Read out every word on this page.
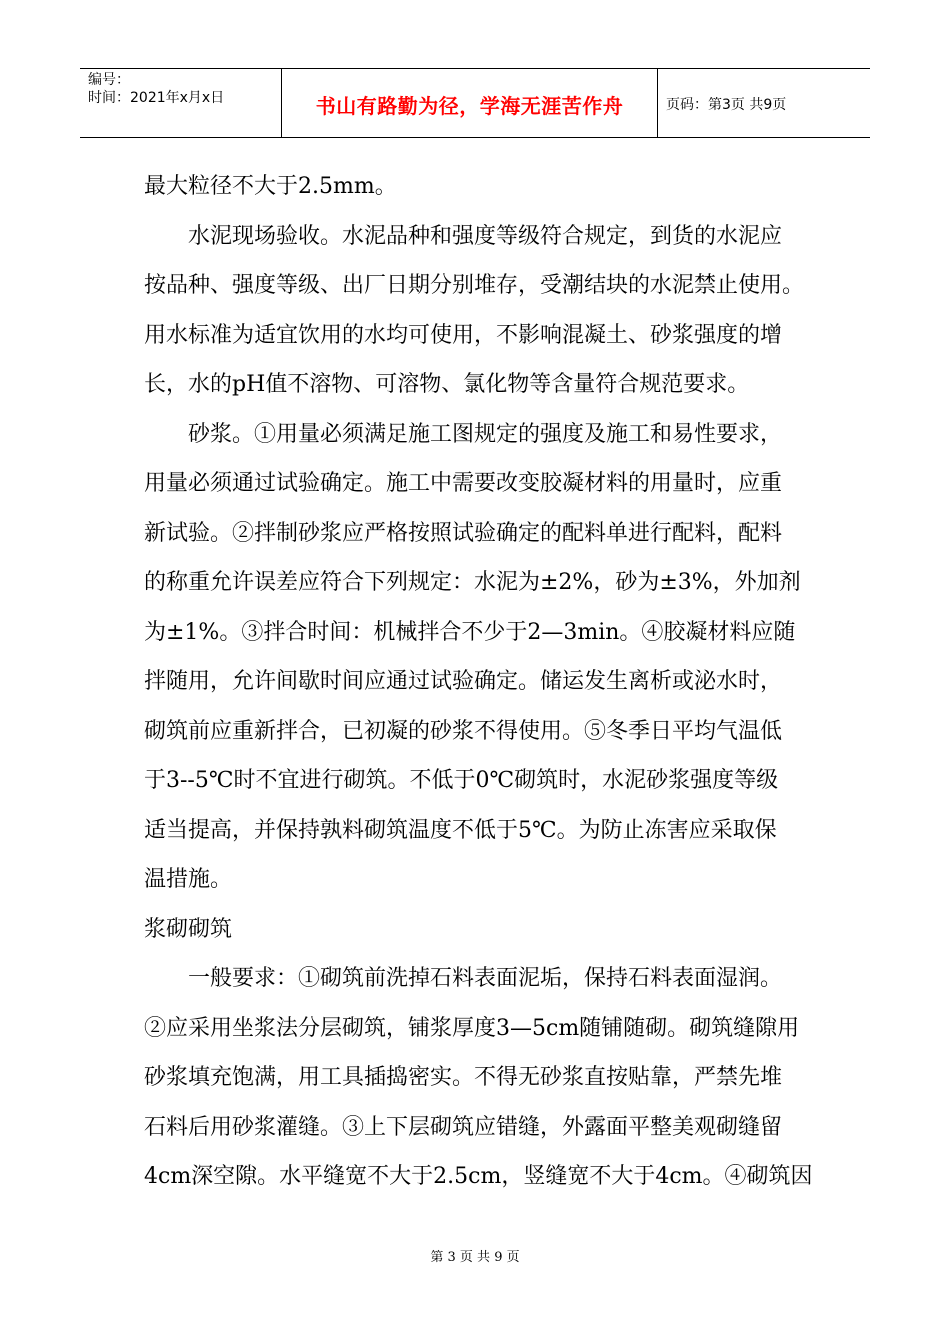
编号：
时间：2021年x月x日	书山有路勤为径，学海无涯苦作舟	页码：第3页 共9页
最大粒径不大于2.5mm。
　　水泥现场验收。水泥品种和强度等级符合规定，到货的水泥应
按品种、强度等级、出厂日期分别堆存，受潮结块的水泥禁止使用。
用水标准为适宜饮用的水均可使用，不影响混凝土、砂浆强度的增
长，水的pH值不溶物、可溶物、氯化物等含量符合规范要求。
　　砂浆。①用量必须满足施工图规定的强度及施工和易性要求，
用量必须通过试验确定。施工中需要改变胶凝材料的用量时，应重
新试验。②拌制砂浆应严格按照试验确定的配料单进行配料，配料
的称重允许误差应符合下列规定：水泥为±2%，砂为±3%，外加剂
为±1%。③拌合时间：机械拌合不少于2—3min。④胶凝材料应随
拌随用，允许间歇时间应通过试验确定。储运发生离析或泌水时，
砌筑前应重新拌合，已初凝的砂浆不得使用。⑤冬季日平均气温低
于3--5℃时不宜进行砌筑。不低于0℃砌筑时，水泥砂浆强度等级
适当提高，并保持孰料砌筑温度不低于5℃。为防止冻害应采取保
温措施。
浆砌砌筑
　　一般要求：①砌筑前洗掉石料表面泥垢，保持石料表面湿润。
②应采用坐浆法分层砌筑，铺浆厚度3—5cm随铺随砌。砌筑缝隙用
砂浆填充饱满，用工具插捣密实。不得无砂浆直按贴靠，严禁先堆
石料后用砂浆灌缝。③上下层砌筑应错缝，外露面平整美观砌缝留
4cm深空隙。水平缝宽不大于2.5cm，竖缝宽不大于4cm。④砌筑因
第 3 页 共 9 页
